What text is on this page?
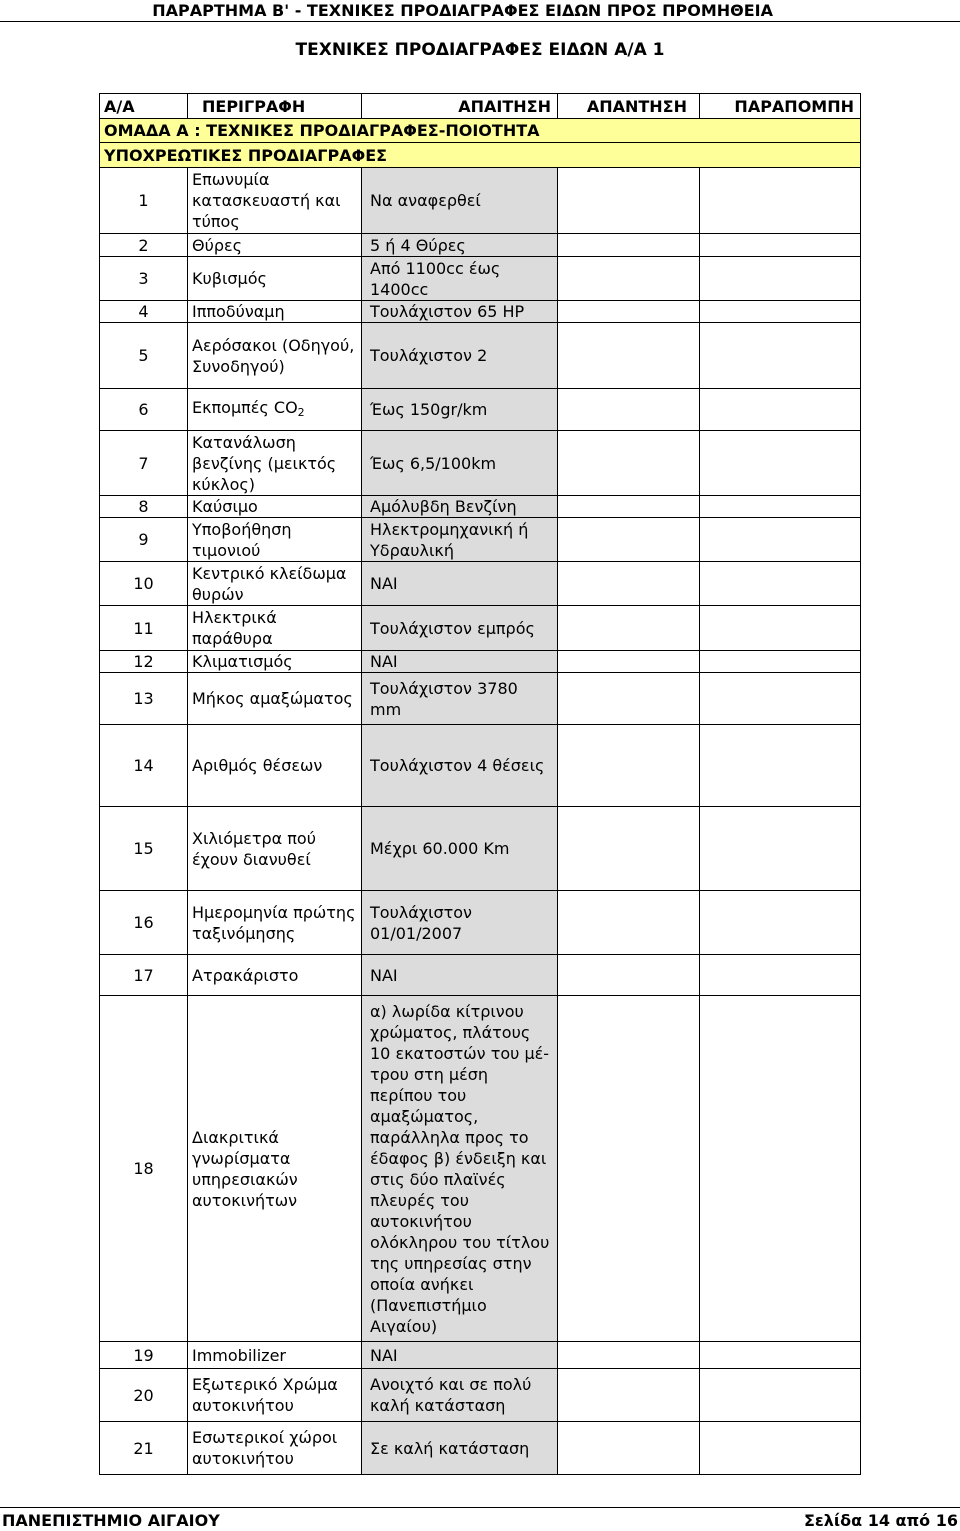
ΠΑΡΑΡΤΗΜΑ Β' - ΤΕΧΝΙΚΕΣ ΠΡΟΔΙΑΓΡΑΦΕΣ ΕΙΔΩΝ ΠΡΟΣ ΠΡΟΜΗΘΕΙΑ
ΤΕΧΝΙΚΕΣ ΠΡΟΔΙΑΓΡΑΦΕΣ ΕΙΔΩΝ Α/Α 1
Α/Α	ΠΕΡΙΓΡΑΦΗ	ΑΠΑΙΤΗΣΗ	ΑΠΑΝΤΗΣΗ	ΠΑΡΑΠΟΜΠΗ
ΟΜΑΔΑ Α : ΤΕΧΝΙΚΕΣ ΠΡΟΔΙΑΓΡΑΦΕΣ-ΠΟΙΟΤΗΤΑ				
ΥΠΟΧΡΕΩΤΙΚΕΣ ΠΡΟΔΙΑΓΡΑΦΕΣ				
1	Επωνυμία κατασκευαστή και τύπος	Να αναφερθεί		
2	Θύρες	5 ή 4 Θύρες		
3	Κυβισμός	Από 1100cc έως 1400cc		
4	Ιπποδύναμη	Τουλάχιστον 65 HP		
5	Αερόσακοι (Οδηγού, Συνοδηγού)	Τουλάχιστον 2		
6	Εκπομπές $CO_2$	Έως 150gr/km		
7	Κατανάλωση βενζίνης (μεικτός κύκλος)	Έως 6,5/100km		
8	Καύσιμο	Αμόλυβδη Βενζίνη		
9	Υποβοήθηση τιμονιού	Ηλεκτρομηχανική ή Υδραυλική		
10	Κεντρικό κλείδωμα θυρών	ΝΑΙ		
11	Ηλεκτρικά παράθυρα	Τουλάχιστον εμπρός		
12	Κλιματισμός	ΝΑΙ		
13	Μήκος αμαξώματος	Τουλάχιστον 3780 mm		
14	Αριθμός θέσεων	Τουλάχιστον 4 θέσεις		
15	Χιλιόμετρα πού έχουν διανυθεί	Μέχρι 60.000 Km		
16	Ημερομηνία πρώτης ταξινόμησης	Τουλάχιστον 01/01/2007		
17	Ατρακάριστο	ΝΑΙ		
18	Διακριτικά γνωρίσματα υπηρεσιακών αυτοκινήτων	α) λωρίδα κίτρινου χρώματος, πλάτους 10 εκατοστών του μέ-τρου στη μέση περίπου του αμαξώματος, παράλληλα προς το έδαφος β) ένδειξη και στις δύο πλαϊνές πλευρές του αυτοκινήτου ολόκληρου του τίτλου της υπηρεσίας στην οποία ανήκει (Πανεπιστήμιο Αιγαίου)		
19	Immobilizer	ΝΑΙ		
20	Εξωτερικό Χρώμα αυτοκινήτου	Ανοιχτό και σε πολύ καλή κατάσταση		
21	Εσωτερικοί χώροι αυτοκινήτου	Σε καλή κατάσταση		
ΠΑΝΕΠΙΣΤΗΜΙΟ ΑΙΓΑΙΟΥ	Σελίδα 14 από 16
